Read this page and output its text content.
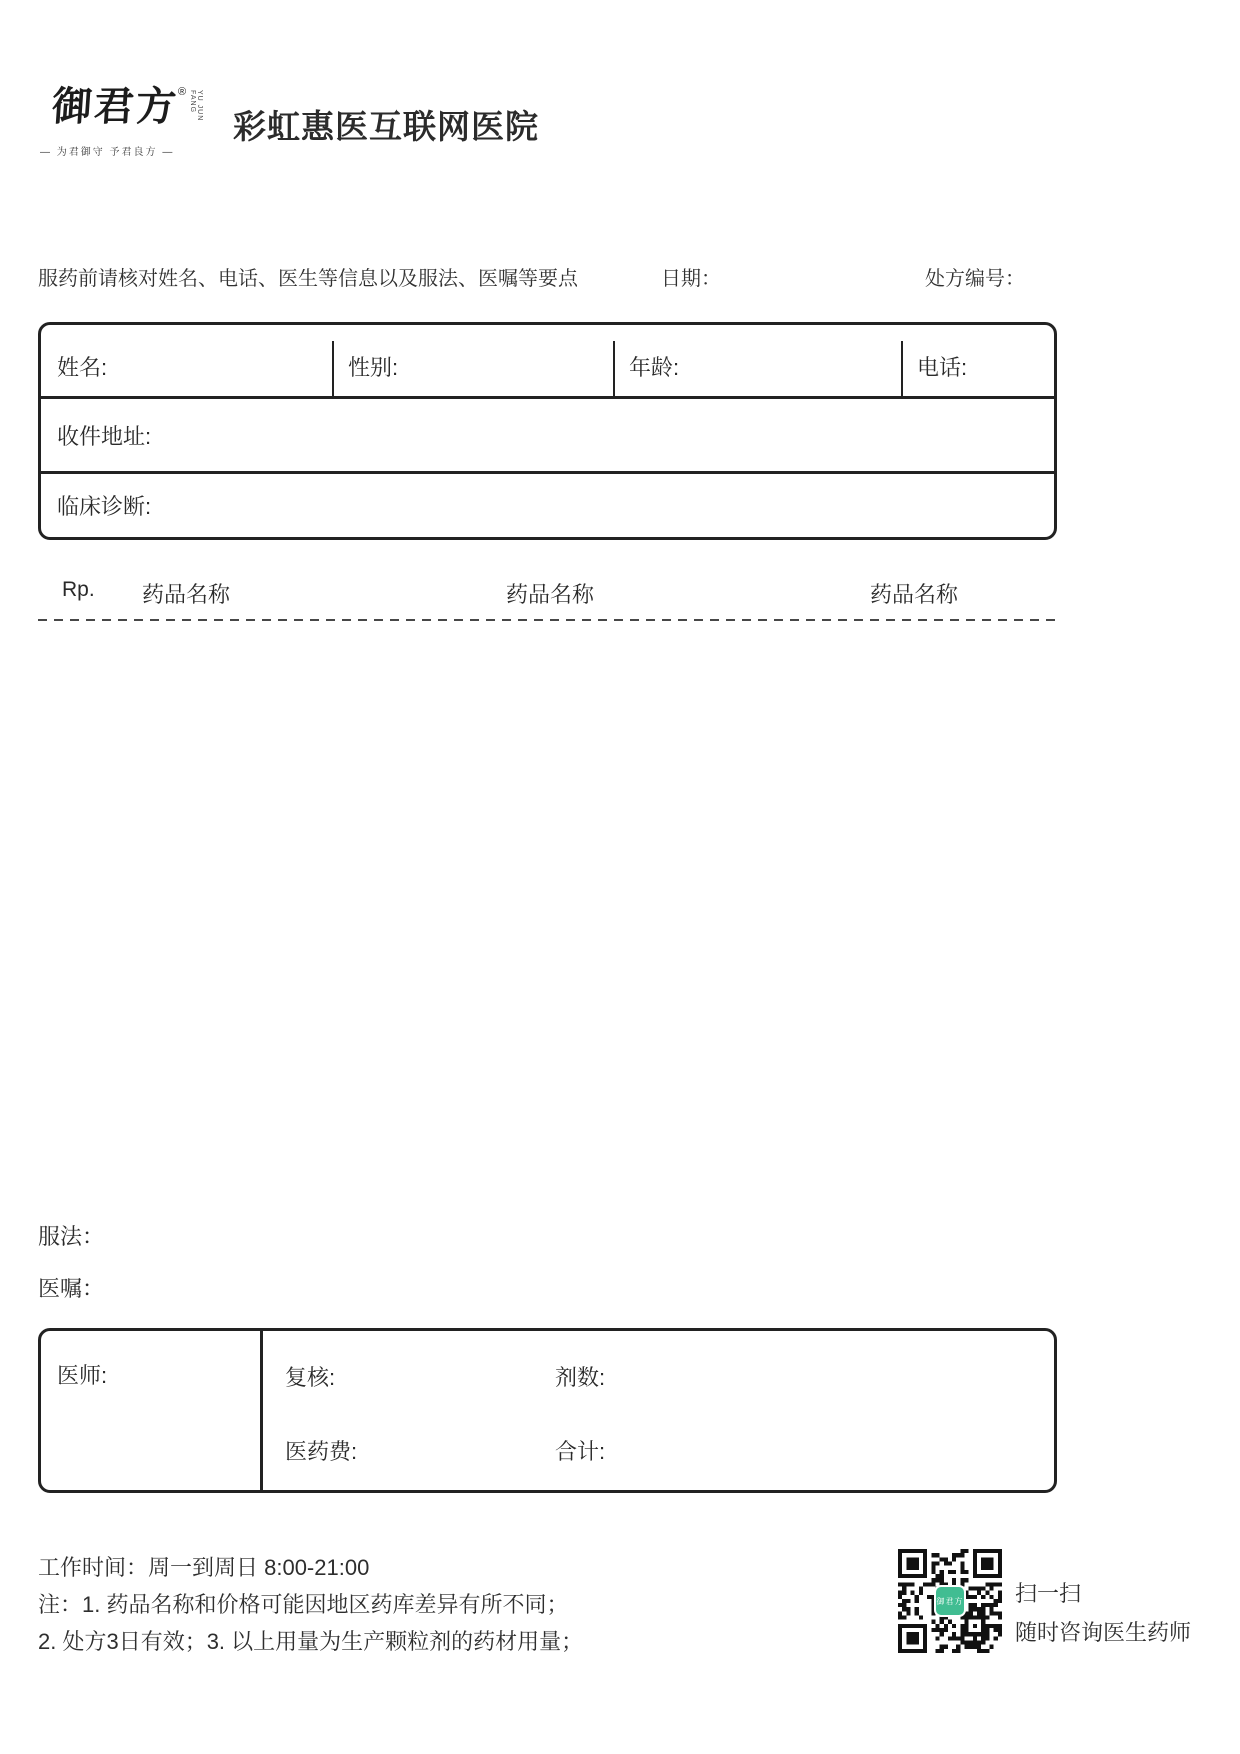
御君方
®	YU JUN FANG
— 为君御守 予君良方 —
彩虹惠医互联网医院
服药前请核对姓名、电话、医生等信息以及服法、医嘱等要点	日期：	处方编号：
姓名:	性别:	年龄:	电话:
收件地址:
临床诊断:
Rp. 药品名称	药品名称	药品名称
服法：
医嘱：
医师:	复核:	剂数:
医药费:	合计:
工作时间：周一到周日 8:00-21:00
注：1. 药品名称和价格可能因地区药库差异有所不同；
2. 处方3日有效；3. 以上用量为生产颗粒剂的药材用量；
御君方 扫一扫
随时咨询医生药师
